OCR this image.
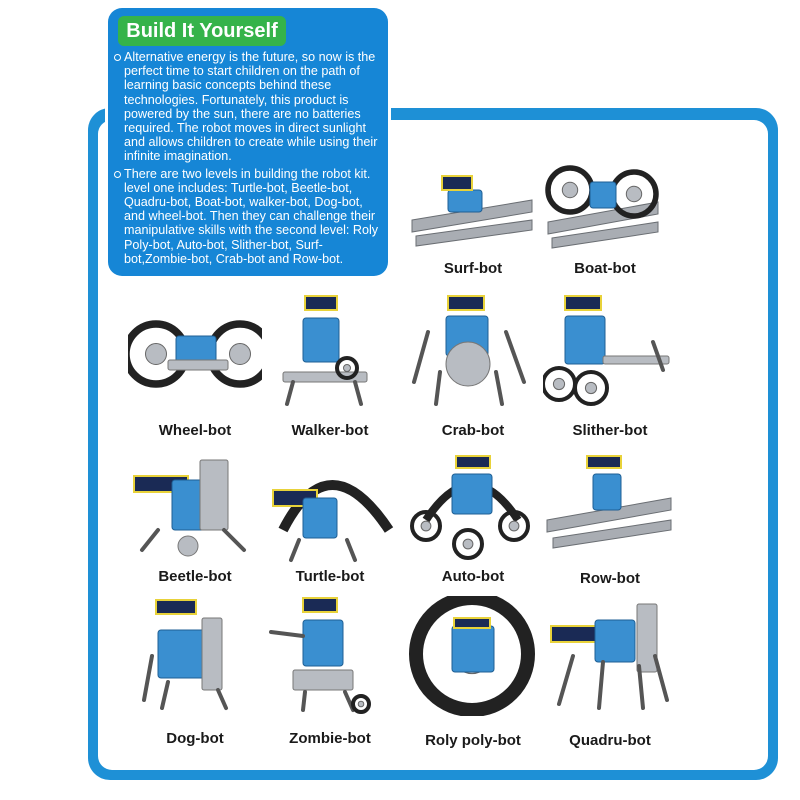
Build It Yourself
Alternative energy is the future, so now is the perfect time to start children on the path of learning basic concepts behind these technologies. Fortunately, this product is powered by the sun, there are no batteries required. The robot moves in direct sunlight and allows children to create while using their infinite imagination.
There are two levels in building the robot kit. level one includes: Turtle-bot, Beetle-bot, Quadru-bot, Boat-bot, walker-bot, Dog-bot, and wheel-bot. Then they can challenge their manipulative skills with the second level: Roly Poly-bot, Auto-bot, Slither-bot, Surf-bot,Zombie-bot, Crab-bot and Row-bot.
Surf-bot	Boat-bot
Wheel-bot	Walker-bot	Crab-bot	Slither-bot
Beetle-bot	Turtle-bot	Auto-bot	Row-bot
Dog-bot	Zombie-bot	Roly poly-bot	Quadru-bot
